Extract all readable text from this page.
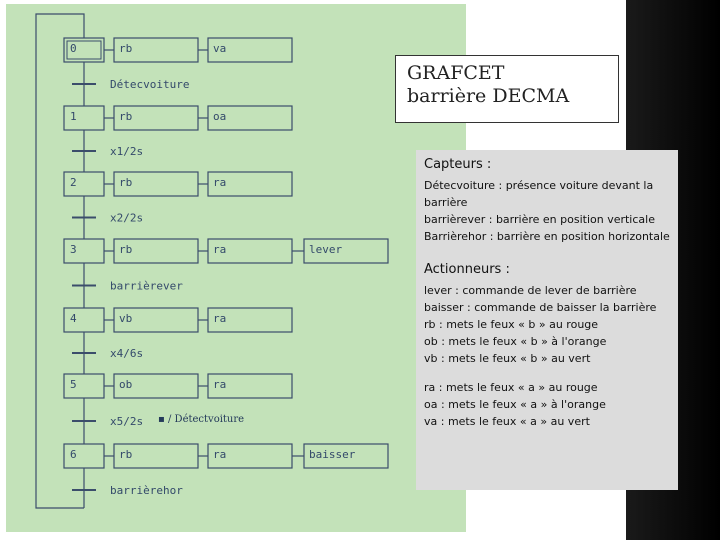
0	rb	va
Détecvoiture
1	rb	oa
x1/2s
2	rb	ra
x2/2s
3	rb	ra	lever
barrièrever
4	vb	ra
x4/6s
5	ob	ra
x5/2s
6	rb	ra	baisser
barrièrehor
▪ / Détectvoiture
GRAFCET
barrière DECMA
Capteurs :
Détecvoiture : présence voiture devant la barrière
barrièrever : barrière en position verticale
Barrièrehor : barrière en position horizontale
Actionneurs :
lever : commande de lever de barrière
baisser : commande de baisser la barrière
rb : mets le feux « b » au rouge
ob : mets le feux « b » à l'orange
vb : mets le feux « b » au vert
ra : mets le feux « a » au rouge
oa : mets le feux « a » à l'orange
va : mets le feux « a » au vert
